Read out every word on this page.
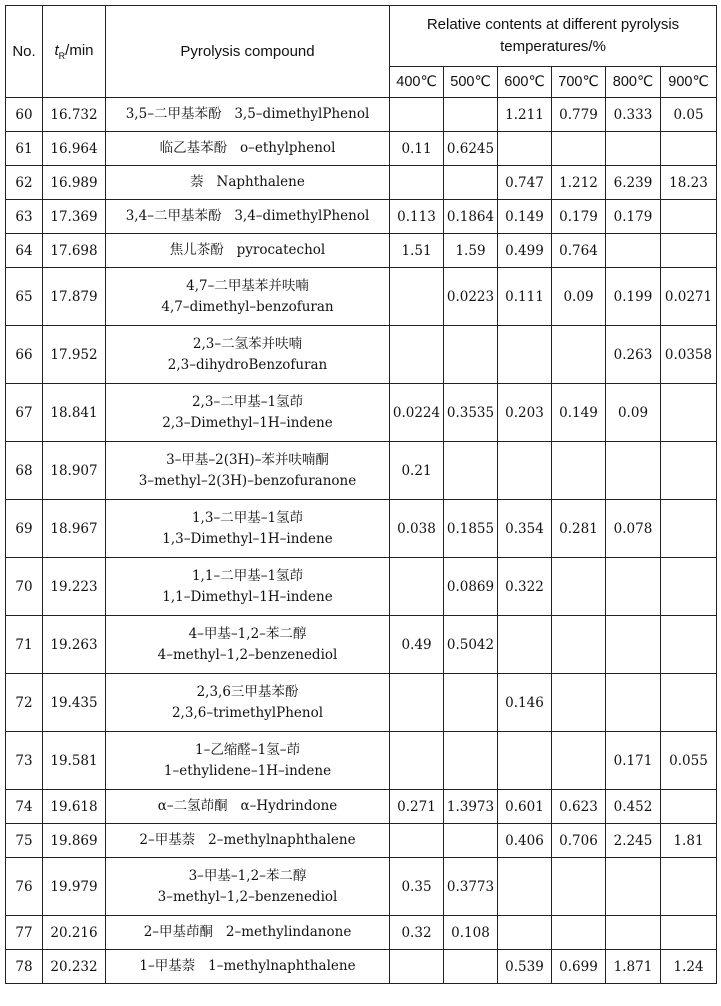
No.	$t_R/\min$	Pyrolysis compound	Relative contents at different pyrolysis
temperatures/%					
			400℃	500℃	600℃	700℃	800℃	900℃
60	16.732	3,5–二甲基苯酚 3,5–dimethylPhenol			1.211	0.779	0.333	0.05
61	16.964	临乙基苯酚 o–ethylphenol	0.11	0.6245				
62	16.989	萘 Naphthalene			0.747	1.212	6.239	18.23
63	17.369	3,4–二甲基苯酚 3,4–dimethylPhenol	0.113	0.1864	0.149	0.179	0.179	
64	17.698	焦儿茶酚 pyrocatechol	1.51	1.59	0.499	0.764		
65	17.879	4,7–二甲基苯并呋喃
4,7–dimethyl–benzofuran		0.0223	0.111	0.09	0.199	0.0271
66	17.952	2,3–二氢苯并呋喃
2,3–dihydroBenzofuran					0.263	0.0358
67	18.841	2,3–二甲基–1氢茚
2,3–Dimethyl–1H–indene	0.0224	0.3535	0.203	0.149	0.09	
68	18.907	3–甲基–2(3H)–苯并呋喃酮
3–methyl–2(3H)–benzofuranone	0.21					
69	18.967	1,3–二甲基–1氢茚
1,3–Dimethyl–1H–indene	0.038	0.1855	0.354	0.281	0.078	
70	19.223	1,1–二甲基–1氢茚
1,1–Dimethyl–1H–indene		0.0869	0.322			
71	19.263	4–甲基–1,2–苯二醇
4–methyl–1,2–benzenediol	0.49	0.5042				
72	19.435	2,3,6三甲基苯酚
2,3,6–trimethylPhenol			0.146			
73	19.581	1–乙缩醛–1氢–茚
1–ethylidene–1H–indene					0.171	0.055
74	19.618	α–二氢茚酮 α–Hydrindone	0.271	1.3973	0.601	0.623	0.452	
75	19.869	2–甲基萘 2–methylnaphthalene			0.406	0.706	2.245	1.81
76	19.979	3–甲基–1,2–苯二醇
3–methyl–1,2–benzenediol	0.35	0.3773				
77	20.216	2–甲基茚酮 2–methylindanone	0.32	0.108				
78	20.232	1–甲基萘 1–methylnaphthalene			0.539	0.699	1.871	1.24
